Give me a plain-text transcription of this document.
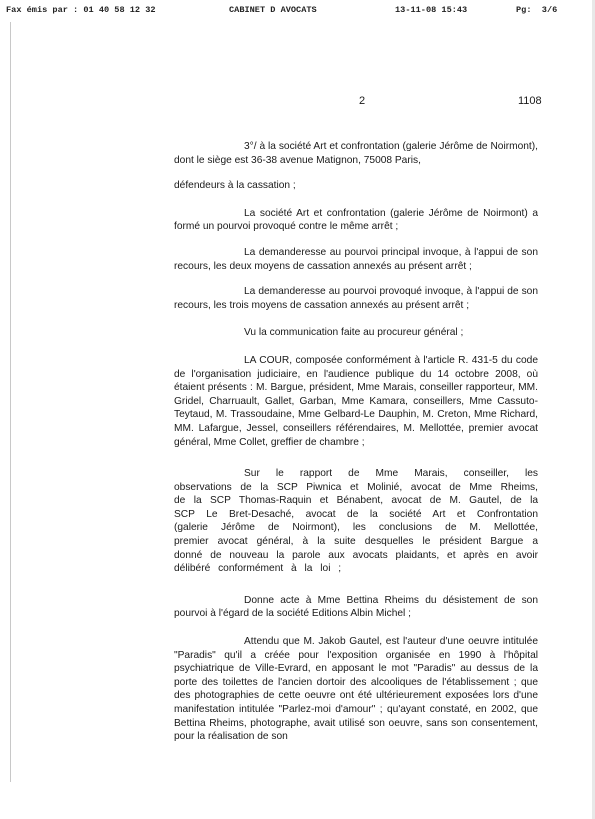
Fax émis par : 01 40 58 12 32

	CABINET D AVOCATS

	13-11-08 15:43

	Pg:  3/6

2	1108

3°/ à la société Art et confrontation (galerie Jérôme de Noirmont), dont le siège est 36-38 avenue Matignon, 75008 Paris,

défendeurs à la cassation ;

La société Art et confrontation (galerie Jérôme de Noirmont) a formé un pourvoi provoqué contre le même arrêt ;

La demanderesse au pourvoi principal invoque, à l'appui de son recours, les deux moyens de cassation annexés au présent arrêt ;

La demanderesse au pourvoi provoqué invoque, à l'appui de son recours, les trois moyens de cassation annexés au présent arrêt ;

Vu la communication faite au procureur général ;

LA COUR, composée conformément à l'article R. 431-5 du code de l'organisation judiciaire, en l'audience publique du 14 octobre 2008, où étaient présents : M. Bargue, président, Mme Marais, conseiller rapporteur, MM. Gridel, Charruault, Gallet, Garban, Mme Kamara, conseillers, Mme Cassuto-Teytaud, M. Trassoudaine, Mme Gelbard-Le Dauphin, M. Creton, Mme Richard, MM. Lafargue, Jessel, conseillers référendaires, M. Mellottée, premier avocat général, Mme Collet, greffier de chambre ;

Sur le rapport de Mme Marais, conseiller, les observations de la SCP Piwnica et Molinié, avocat de Mme Rheims, de la SCP Thomas-Raquin et Bénabent, avocat de M. Gautel, de la SCP Le Bret-Desaché, avocat de la société Art et Confrontation (galerie Jérôme de Noirmont), les conclusions de M. Mellottée, premier avocat général, à la suite desquelles le président Bargue a donné de nouveau la parole aux avocats plaidants, et après en avoir délibéré conformément à la loi ;

Donne acte à Mme Bettina Rheims du désistement de son pourvoi à l'égard de la société Editions Albin Michel ;

Attendu que M. Jakob Gautel, est l'auteur d'une oeuvre intitulée "Paradis" qu'il a créée pour l'exposition organisée en 1990 à l'hôpital psychiatrique de Ville-Evrard, en apposant le mot "Paradis" au dessus de la porte des toilettes de l'ancien dortoir des alcooliques de l'établissement ; que des photographies de cette oeuvre ont été ultérieurement exposées lors d'une manifestation intitulée "Parlez-moi d'amour" ; qu'ayant constaté, en 2002, que Bettina Rheims, photographe, avait utilisé son oeuvre, sans son consentement, pour la réalisation de son
